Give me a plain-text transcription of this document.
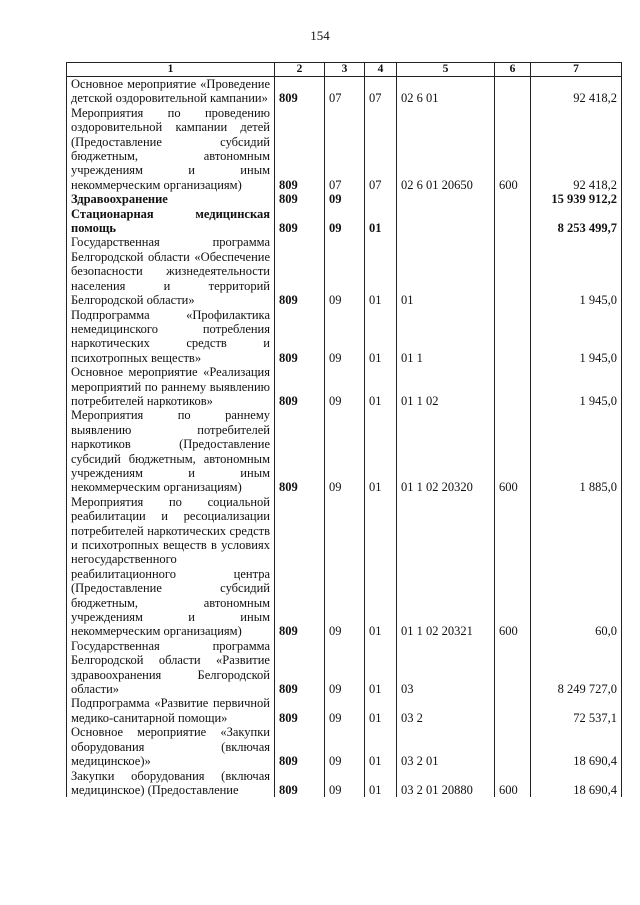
154
1	2	3	4	5	6	7
Основное мероприятие «Проведение детской оздоровительной кампании»	809	07	07	02 6 01		92 418,2
Мероприятия по проведению оздоровительной кампании детей (Предоставление субсидий бюджетным, автономным учреждениям и иным некоммерческим организациям)	809	07	07	02 6 01 20650	600	92 418,2
Здравоохранение	809	09				15 939 912,2
Стационарная медицинская помощь	809	09	01			8 253 499,7
Государственная программа Белгородской области «Обеспечение безопасности жизнедеятельности населения и территорий Белгородской области»	809	09	01	01		1 945,0
Подпрограмма «Профилактика немедицинского потребления наркотических средств и психотропных веществ»	809	09	01	01 1		1 945,0
Основное мероприятие «Реализация мероприятий по раннему выявлению потребителей наркотиков»	809	09	01	01 1 02		1 945,0
Мероприятия по раннему выявлению потребителей наркотиков (Предоставление субсидий бюджетным, автономным учреждениям и иным некоммерческим организациям)	809	09	01	01 1 02 20320	600	1 885,0
Мероприятия по социальной реабилитации и ресоциализации потребителей наркотических средств и психотропных веществ в условиях негосударственного реабилитационного центра (Предоставление субсидий бюджетным, автономным учреждениям и иным некоммерческим организациям)	809	09	01	01 1 02 20321	600	60,0
Государственная программа Белгородской области «Развитие здравоохранения Белгородской области»	809	09	01	03		8 249 727,0
Подпрограмма «Развитие первичной медико-санитарной помощи»	809	09	01	03 2		72 537,1
Основное мероприятие «Закупки оборудования (включая медицинское)»	809	09	01	03 2 01		18 690,4
Закупки оборудования (включая медицинское) (Предоставление	809	09	01	03 2 01 20880	600	18 690,4
